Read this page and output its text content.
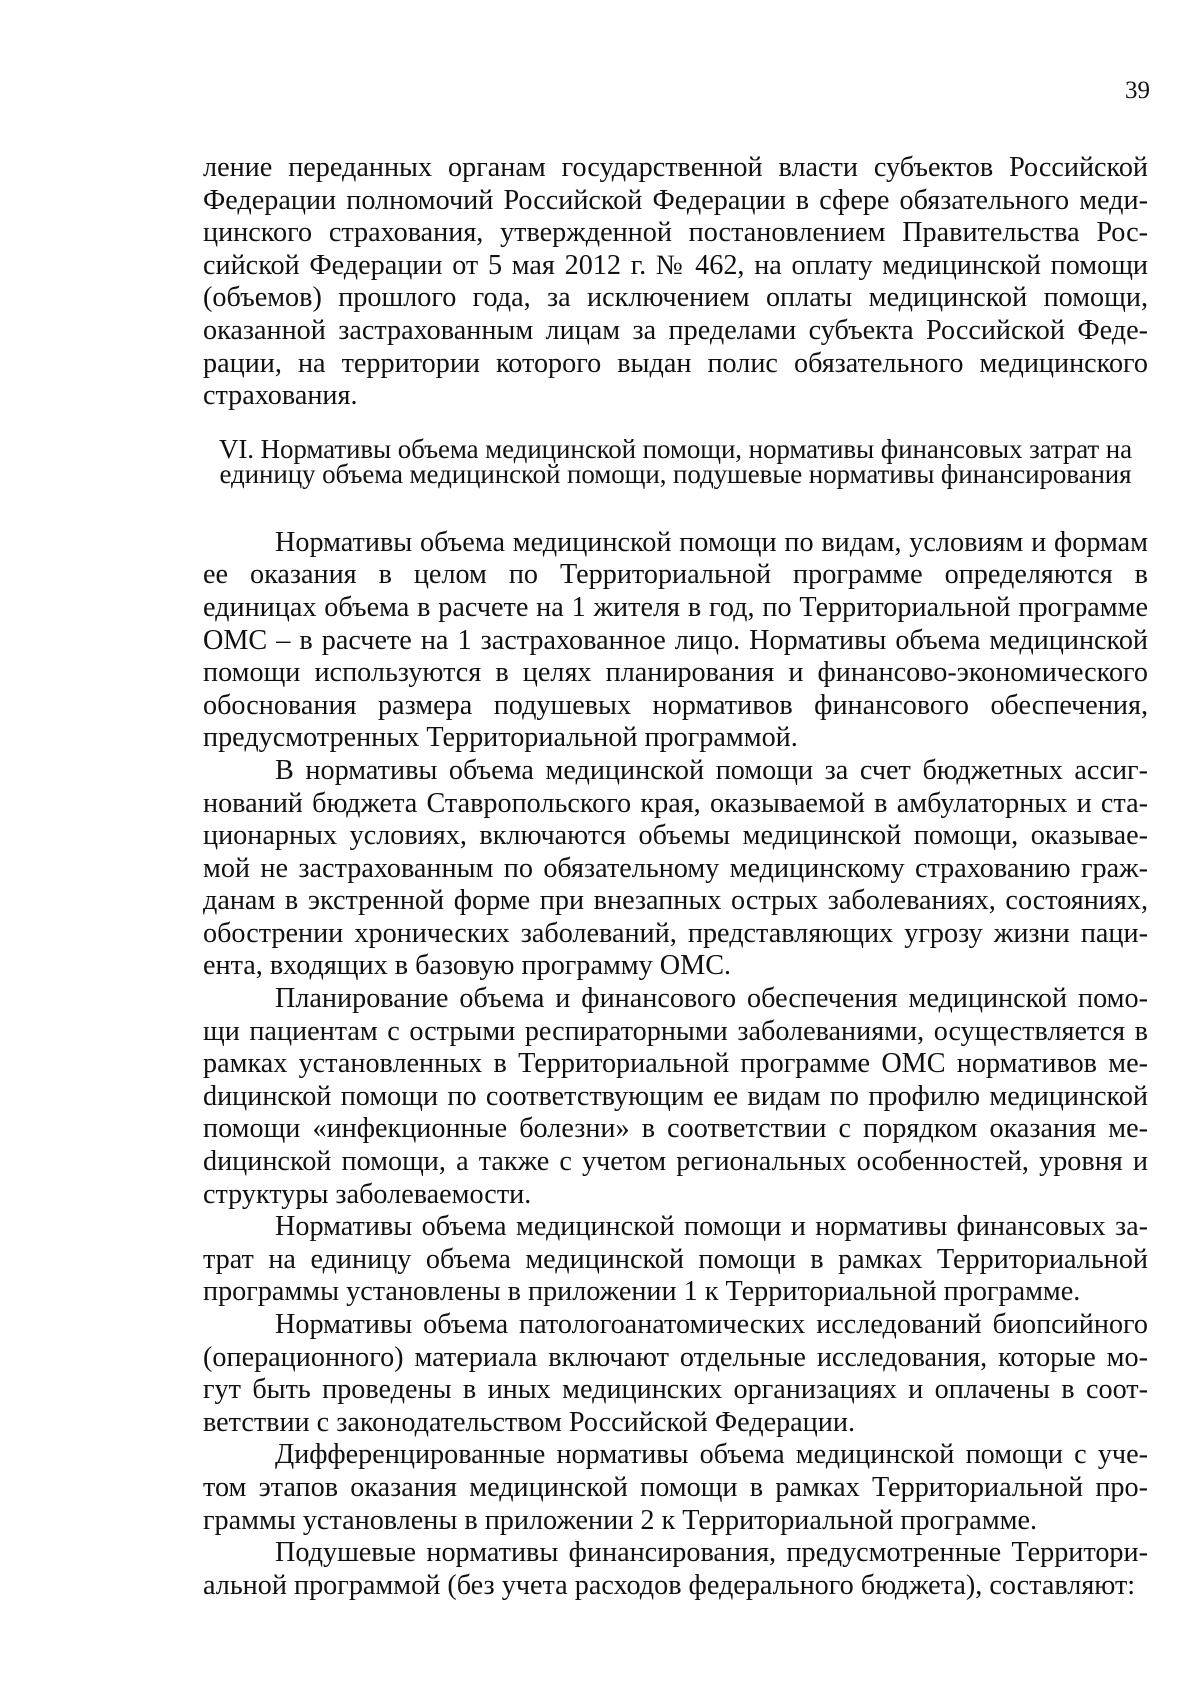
39

ление переданных органам государственной власти субъектов Российской Федерации полномочий Российской Федерации в сфере обязательного медицинского страхования, утвержденной постановлением Правительства Российской Федерации от 5 мая 2012 г. № 462, на оплату медицинской помощи (объемов) прошлого года, за исключением оплаты медицинской помощи, оказанной застрахованным лицам за пределами субъекта Российской Федерации, на территории которого выдан полис обязательного медицинского страхования.

VI. Нормативы объема медицинской помощи, нормативы финансовых затрат на единицу объема медицинской помощи, подушевые нормативы финансирования

Нормативы объема медицинской помощи по видам, условиям и формам ее оказания в целом по Территориальной программе определяются в единицах объема в расчете на 1 жителя в год, по Территориальной программе ОМС – в расчете на 1 застрахованное лицо. Нормативы объема медицинской помощи используются в целях планирования и финансово-экономического обоснования размера подушевых нормативов финансового обеспечения, предусмотренных Территориальной программой.

В нормативы объема медицинской помощи за счет бюджетных ассигнований бюджета Ставропольского края, оказываемой в амбулаторных и стационарных условиях, включаются объемы медицинской помощи, оказываемой не застрахованным по обязательному медицинскому страхованию гражданам в экстренной форме при внезапных острых заболеваниях, состояниях, обострении хронических заболеваний, представляющих угрозу жизни пациента, входящих в базовую программу ОМС.

Планирование объема и финансового обеспечения медицинской помощи пациентам с острыми респираторными заболеваниями, осуществляется в рамках установленных в Территориальной программе ОМС нормативов меdицинской помощи по соответствующим ее видам по профилю медицинской помощи «инфекционные болезни» в соответствии с порядком оказания меdицинской помощи, а также с учетом региональных особенностей, уровня и структуры заболеваемости.

Нормативы объема медицинской помощи и нормативы финансовых затрат на единицу объема медицинской помощи в рамках Территориальной программы установлены в приложении 1 к Территориальной программе.

Нормативы объема патологоанатомических исследований биопсийного (операционного) материала включают отдельные исследования, которые могут быть проведены в иных медицинских организациях и оплачены в соответствии с законодательством Российской Федерации.

Дифференцированные нормативы объема медицинской помощи с учетом этапов оказания медицинской помощи в рамках Территориальной программы установлены в приложении 2 к Территориальной программе.

Подушевые нормативы финансирования, предусмотренные Территориальной программой (без учета расходов федерального бюджета), составляют:
